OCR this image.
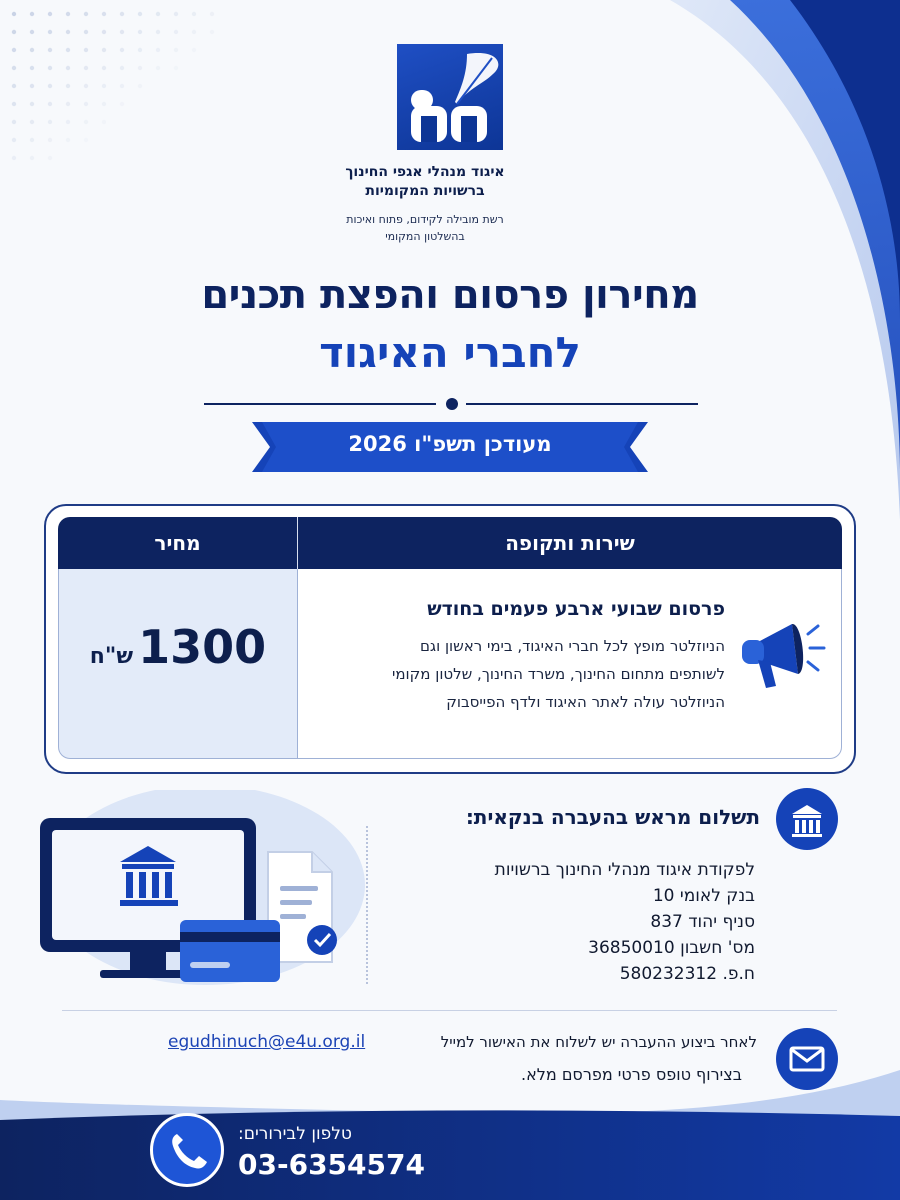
איגוד מנהלי אגפי החינוך
ברשויות המקומיות
רשת מובילה לקידום, פתוח ואיכות
בהשלטון המקומי
מחירון פרסום והפצת תכנים
לחברי האיגוד
מעודכן תשפ"ו 2026
שירות ותקופה
מחיר
1300 ש"ח
פרסום שבועי ארבע פעמים בחודש
הניוזלטר מופץ לכל חברי האיגוד, בימי ראשון וגם
לשותפים מתחום החינוך, משרד החינוך, שלטון מקומי
הניוזלטר עולה לאתר האיגוד ולדף הפייסבוק
תשלום מראש בהעברה בנקאית:
לפקודת איגוד מנהלי החינוך ברשויות
בנק לאומי 10
סניף יהוד 837
מס' חשבון 36850010
ח.פ. 580232312
egudhinuch@e4u.org.il	לאחר ביצוע ההעברה יש לשלוח את האישור למייל
בצירוף טופס פרטי מפרסם מלא.
טלפון לבירורים:
03-6354574
